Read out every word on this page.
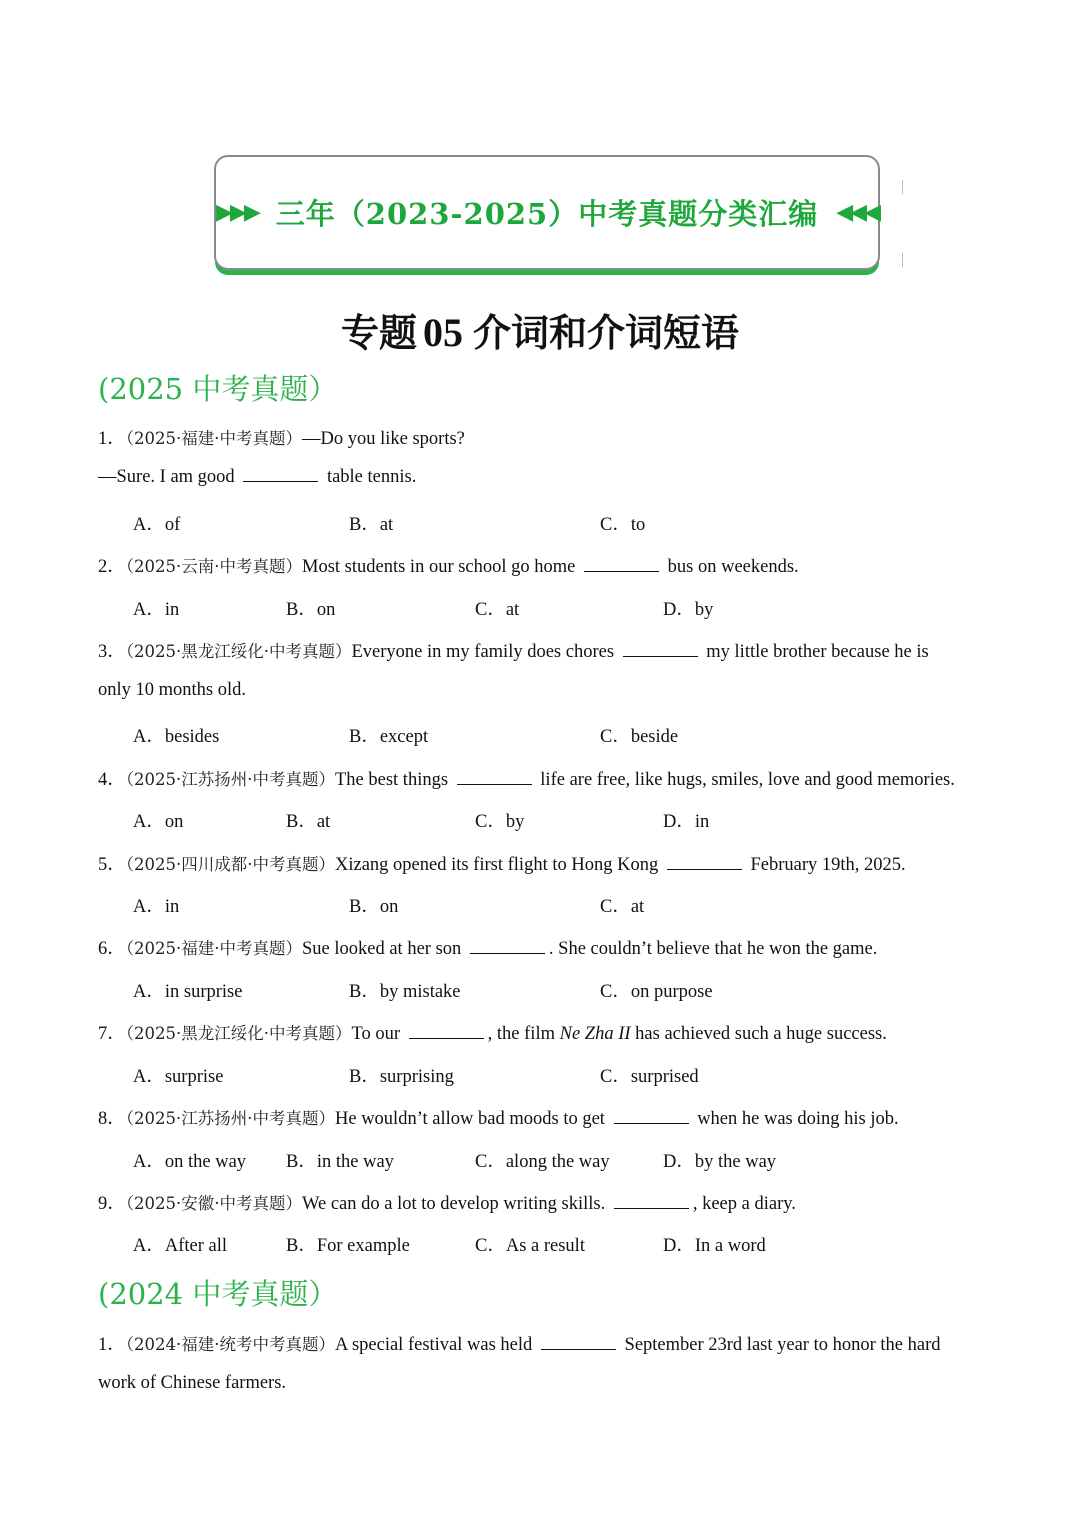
▶▶▶ 三年（2023-2025）中考真题分类汇编 ◀◀◀
专题 05 介词和介词短语
(2025 中考真题）
1．（2025·福建·中考真题）—Do you like sports?
—Sure. I am good	table tennis.
A．of	B．at	C．to
2．（2025·云南·中考真题）Most students in our school go home	bus on weekends.
A．in	B．on	C．at	D．by
3．（2025·黑龙江绥化·中考真题）Everyone in my family does chores	my little brother because he is
only 10 months old.
A．besides	B．except	C．beside
4．（2025·江苏扬州·中考真题）The best things	life are free, like hugs, smiles, love and good memories.
A．on	B．at	C．by	D．in
5．（2025·四川成都·中考真题）Xizang opened its first flight to Hong Kong	February 19th, 2025.
A．in	B．on	C．at
6．（2025·福建·中考真题）Sue looked at her son	. She couldn’t believe that he won the game.
A．in surprise	B．by mistake	C．on purpose
7．（2025·黑龙江绥化·中考真题）To our	, the film Ne Zha II has achieved such a huge success.
A．surprise	B．surprising	C．surprised
8．（2025·江苏扬州·中考真题）He wouldn’t allow bad moods to get	when he was doing his job.
A．on the way B．in the way	C．along the way	D．by the way
9．（2025·安徽·中考真题）We can do a lot to develop writing skills.	, keep a diary.
A．After all	B．For example	C．As a result	D．In a word
(2024 中考真题）
1．（2024·福建·统考中考真题）A special festival was held	September 23rd last year to honor the hard
work of Chinese farmers.
